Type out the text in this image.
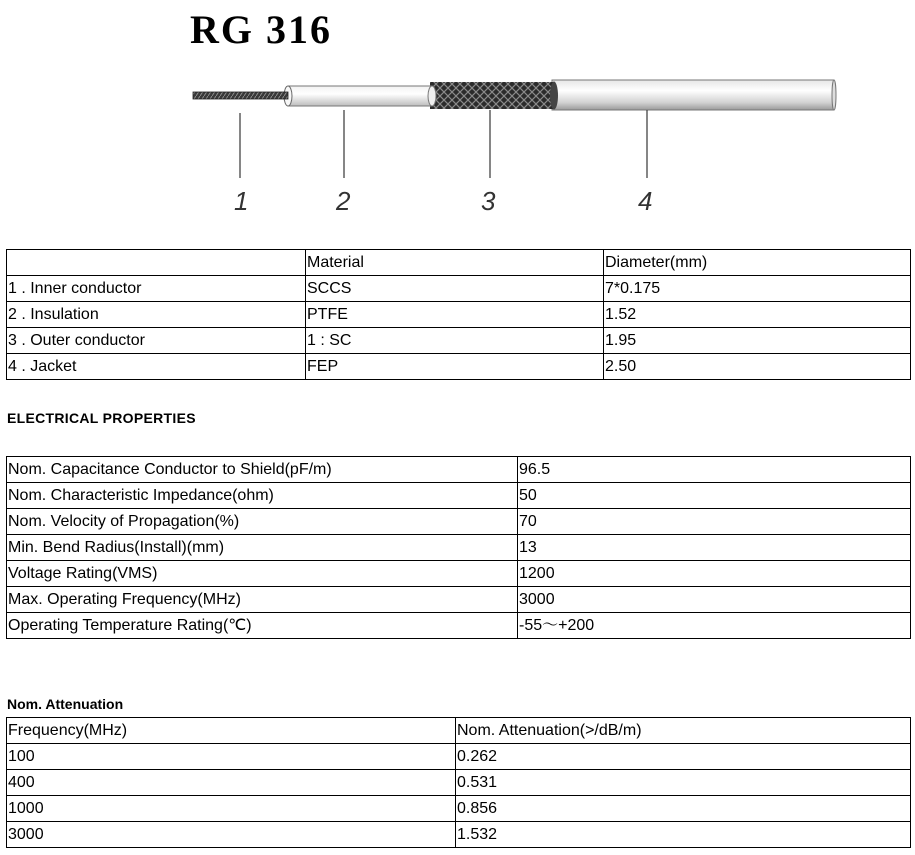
RG 316
1	2	3	4
	Material	Diameter(mm)
1 . Inner conductor	SCCS	7*0.175
2 . Insulation	PTFE	1.52
3 . Outer conductor	1 : SC	1.95
4 . Jacket	FEP	2.50
ELECTRICAL PROPERTIES
Nom. Capacitance Conductor to Shield(pF/m)	96.5
Nom. Characteristic Impedance(ohm)	50
Nom. Velocity of Propagation(%)	70
Min. Bend Radius(Install)(mm)	13
Voltage Rating(VMS)	1200
Max. Operating Frequency(MHz)	3000
Operating Temperature Rating(℃)	-55～+200
Nom. Attenuation
Frequency(MHz)	Nom. Attenuation(>/dB/m)
100	0.262
400	0.531
1000	0.856
3000	1.532
